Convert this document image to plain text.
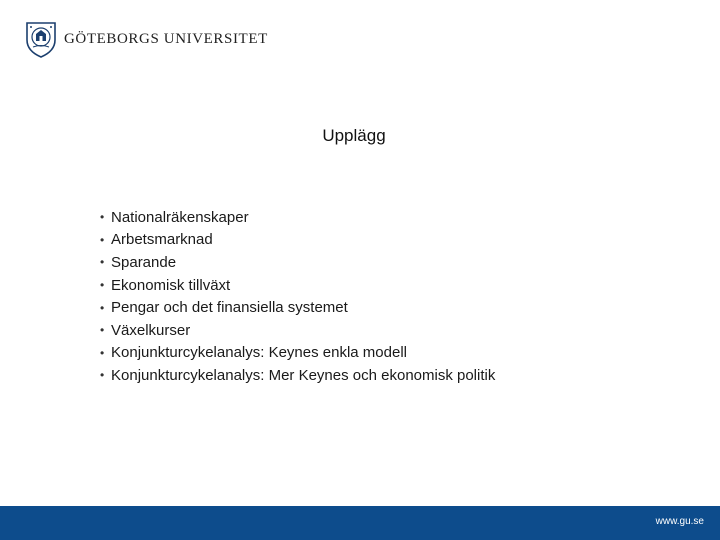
GÖTEBORGS UNIVERSITET
Upplägg
• Nationalräkenskaper
• Arbetsmarknad
• Sparande
• Ekonomisk tillväxt
• Pengar och det finansiella systemet
• Växelkurser
• Konjunkturcykelanalys: Keynes enkla modell
• Konjunkturcykelanalys: Mer Keynes och ekonomisk politik
www.gu.se
